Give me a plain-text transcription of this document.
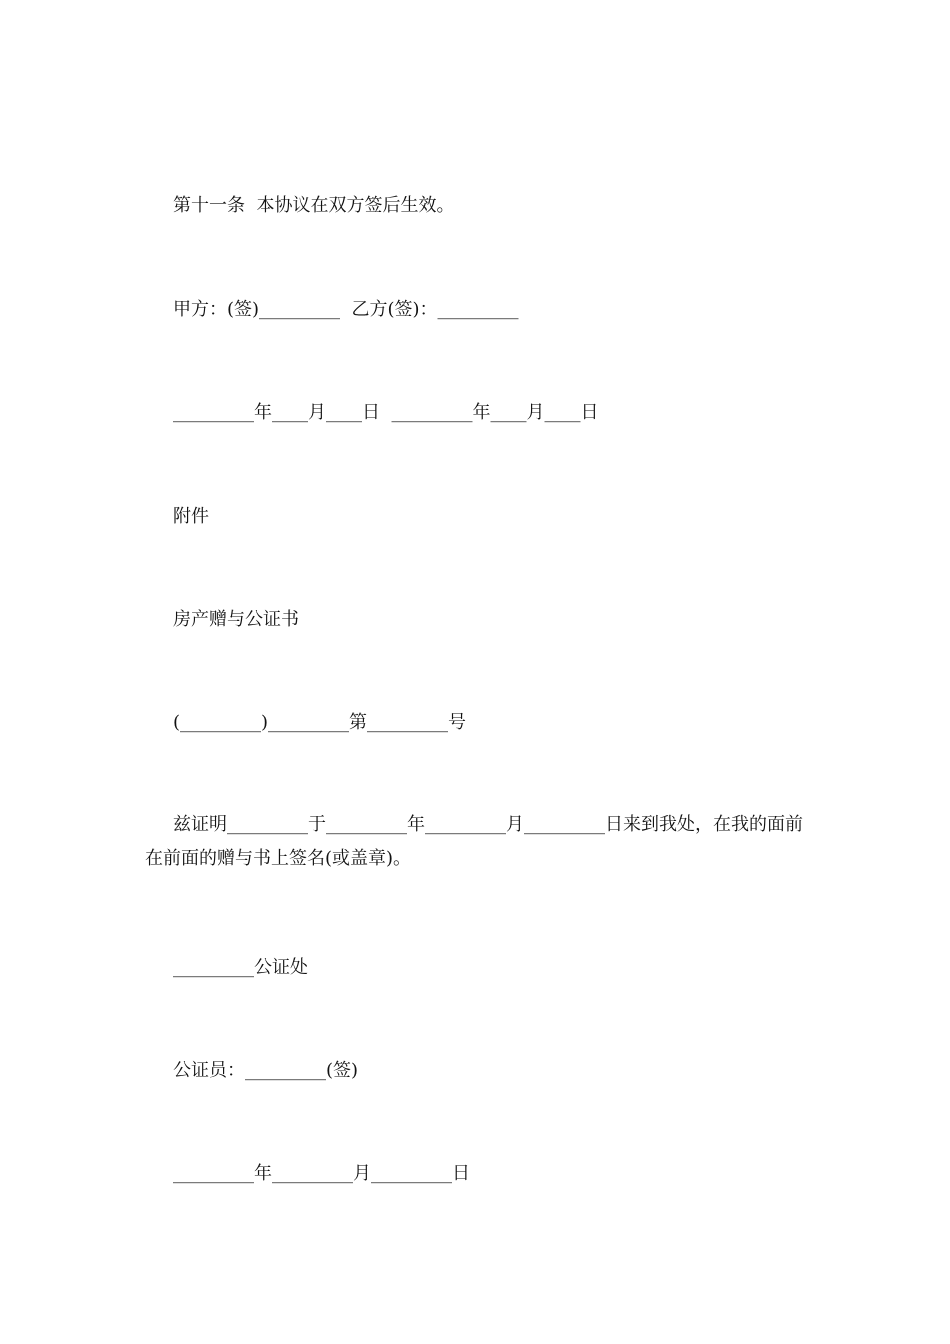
第十一条  本协议在双方签后生效。
甲方：(签)_________  乙方(签)：_________
_________年____月____日  _________年____月____日
附件
房产赠与公证书
(_________)_________第_________号
兹证明_________于_________年_________月_________日来到我处，在我的面前在前面的赠与书上签名(或盖章)。
_________公证处
公证员：_________(签)
_________年_________月_________日
